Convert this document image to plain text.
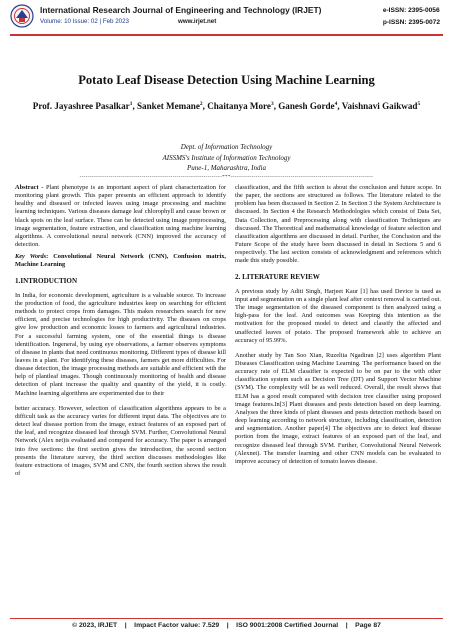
International Research Journal of Engineering and Technology (IRJET)
Volume: 10 Issue: 02 | Feb 2023	www.irjet.net
e-ISSN: 2395-0056
p-ISSN: 2395-0072
Potato Leaf Disease Detection Using Machine Learning
Prof. Jayashree Pasalkar$^1$, Sanket Memane$^2$, Chaitanya More$^3$, Ganesh Gorde$^4$, Vaishnavi Gaikwad$^5$
Dept. of Information Technology
AISSMS's Institute of Information Technology
Pune-1, Maharashtra, India
---------------------------------------------------------------------***---------------------------------------------------------------------

Abstract - Plant phenotype is an important aspect of plant characterization for monitoring plant growth. This paper presents an efficient approach to identify healthy and diseased or infected leaves using image processing and machine learning techniques. Various diseases damage leaf chlorophyll and cause brown or black spots on the leaf surface. These can be detected using image preprocessing, image segmentation, feature extraction, and classification using machine learning algorithms. A convolutional neural network (CNN) improved the accuracy of detection.

Key Words: Convolutional Neural Network (CNN), Confusion matrix, Machine Learning

1.INTRODUCTION

In India, for economic development, agriculture is a valuable source. To increase the production of food, the agriculture industries keep on searching for efficient methods to protect crops from damages. This makes researchers search for new efficient, and precise technologies for high productivity. The diseases on crops give low production and economic losses to farmers and agricultural industries. For a successful farming system, one of the essential things is disease identification. Ingeneral, by using eye observations, a farmer observes symptoms of disease in plants that need continuous monitoring. Different types of disease kill leaves in a plant. For identifying these diseases, farmers get more difficulties. For disease detection, the image processing methods are suitable and efficient with the help of plantleaf images. Though continuously monitoring of health and disease detection of plant increase the quality and quantity of the yield, it is costly. Machine learning algorithms are experimented due to their

better accuracy. However, selection of classification algorithms appears to be a difficult task as the accuracy varies for different input data. The objectives are to detect leaf disease portion from the image, extract features of an exposed part of the leaf, and recognize diseased leaf through SVM. Further, Convolutional Neural Network (Alex net)is evaluated and compared for accuracy. The paper is arranged into five sections: the first section gives the introduction, the second section presents the literature survey, the third section discusses methodologies like feature extractions of images, SVM and CNN, the fourth section shows the result of

classification, and the fifth section is about the conclusion and future scope. In the paper, the sections are structured as follows. The literature related to the problem has been discussed in Section 2. In Section 3 the System Architecture is discussed. In Section 4 the Research Methodologies which consist of Data Set, Data Collection, and Preprocessing along with classification Techniques are discussed. The Theoretical and mathematical knowledge of feature selection and classification algorithms are discussed in detail. Further, the Conclusion and the Future Scope of the study have been discussed in detail in Sections 5 and 6 respectively. The last section consists of acknowledgment and references which made this study possible.

2. LITERATURE REVIEW

A previous study by Aditi Singh, Harjeet Kaur [1] has used Device is used as input and segmentation on a single plant leaf after context removal is carried out. The image segmentation of the diseased component is then analyzed using a high-pass for the leaf. And outcomes was Keeping this intention as the motivation for the proposed model to detect and classify the affected and unaffected leaves of potato. The proposed framework able to achieve an accuracy of 95.99%.

Another study by Tan Soo Xian, Ruzelita Ngadiran [2] uses algorithm Plant Diseases Classification using Machine Learning. The performance based on the accuracy rate of ELM classifier is expected to be on par to the with other classification system such as Decision Tree (DT) and Support Vector Machine (SVM). The complexity will be as well reduced. Overall, the result shows that ELM has a good result compared with decision tree classifier using proposed image features.In[3] Plant diseases and pests detection based on deep learning. Analyses the three kinds of plant diseases and pests detection methods based on deep learning according to network structure, including classification, detection and segmentation. Another paper[4] The objectives are to detect leaf disease portion from the image, extract features of an exposed part of the leaf, and recognize diseased leaf through SVM. Further, Convolutional Neural Network (Alexnet). The transfer learning and other CNN models can be evaluated to improve accuracy of detection of tomato leaves disease.

© 2023, IRJET    |    Impact Factor value: 7.529    |    ISO 9001:2008 Certified Journal    |    Page 87
